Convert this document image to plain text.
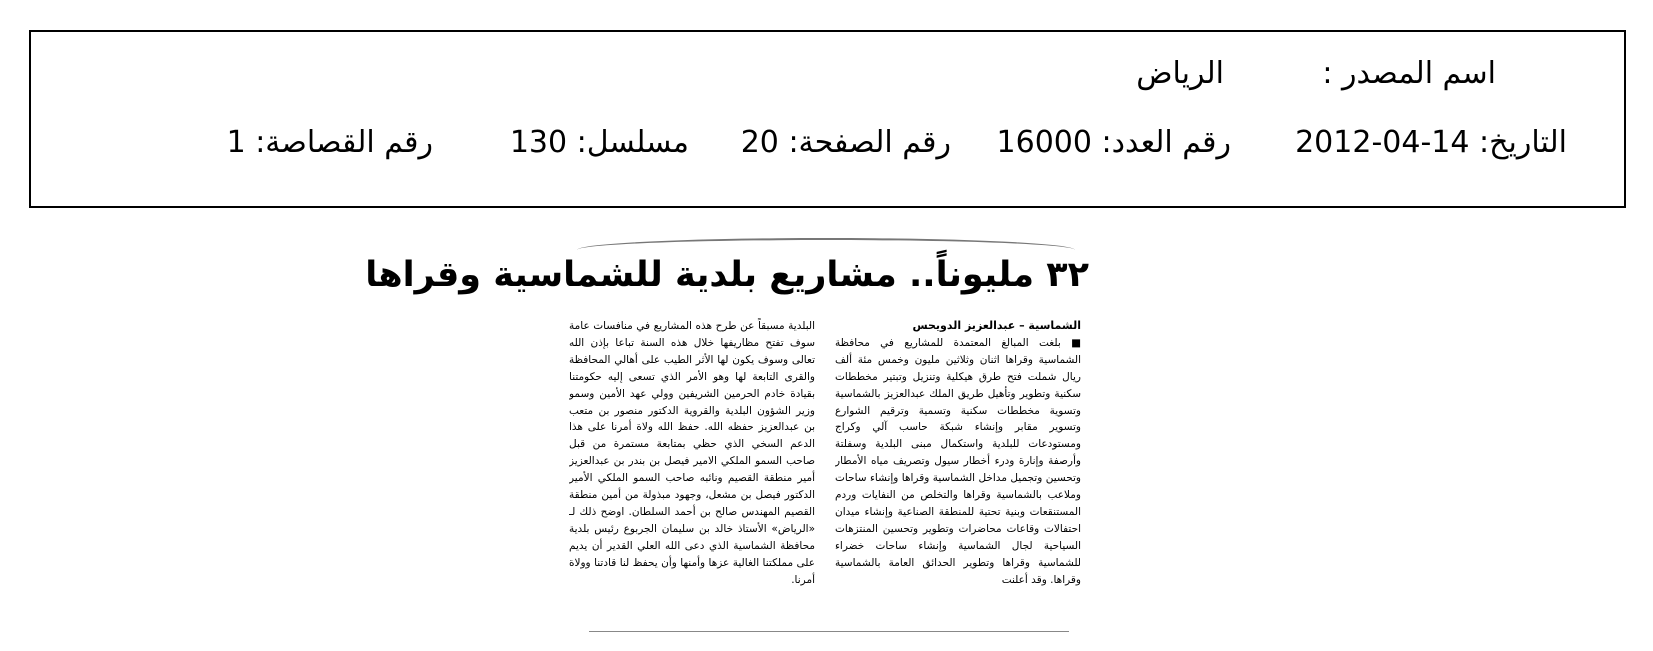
اسم المصدر :
الرياض
التاريخ: 14-04-2012
رقم العدد: 16000
رقم الصفحة: 20
مسلسل: 130
رقم القصاصة: 1
٣٢ مليوناً.. مشاريع بلدية للشماسية وقراها
الشماسية – عبدالعزيز الدويحس
■ بلغت المبالغ المعتمدة للمشاريع في محافظة الشماسية وقراها اثنان وثلاثين مليون وخمس مئة ألف ريال شملت فتح طرق هيكلية وتنزيل وتبتير مخططات سكنية وتطوير وتأهيل طريق الملك عبدالعزيز بالشماسية وتسوية مخططات سكنية وتسمية وترقيم الشوارع وتسوير مقابر وإنشاء شبكة حاسب آلي وكراج ومستودعات للبلدية واستكمال مبنى البلدية وسفلتة وأرصفة وإنارة ودرء أخطار سيول وتصريف مياه الأمطار وتحسين وتجميل مداخل الشماسية وقراها وإنشاء ساحات وملاعب بالشماسية وقراها والتخلص من النفايات وردم المستنقعات وبنية تحتية للمنطقة الصناعية وإنشاء ميدان احتفالات وقاعات محاضرات وتطوير وتحسين المنتزهات السياحية لجال الشماسية وإنشاء ساحات خضراء للشماسية وقراها وتطوير الحدائق العامة بالشماسية وقراها. وقد أعلنت
البلدية مسبقاً عن طرح هذه المشاريع في منافسات عامة سوف تفتح مظاريفها خلال هذه السنة تباعا بإذن الله تعالى وسوف يكون لها الأثر الطيب على أهالي المحافظة والقرى التابعة لها وهو الأمر الذي تسعى إليه حكومتنا بقيادة خادم الحرمين الشريفين وولي عهد الأمين وسمو وزير الشؤون البلدية والقروية الدكتور منصور بن متعب بن عبدالعزيز حفظه الله. حفظ الله ولاة أمرنا على هذا الدعم السخي الذي حظي بمتابعة مستمرة من قبل صاحب السمو الملكي الامير فيصل بن بندر بن عبدالعزيز أمير منطقة القصيم ونائبه صاحب السمو الملكي الأمير الدكتور فيصل بن مشعل، وجهود مبذولة من أمين منطقة القصيم المهندس صالح بن أحمد السلطان. اوضح ذلك لـ «الرياض» الأستاذ خالد بن سليمان الجربوع رئيس بلدية محافظة الشماسية الذي دعى الله العلي القدير أن يديم على مملكتنا الغالية عزها وأمنها وأن يحفظ لنا قادتنا وولاة أمرنا.
